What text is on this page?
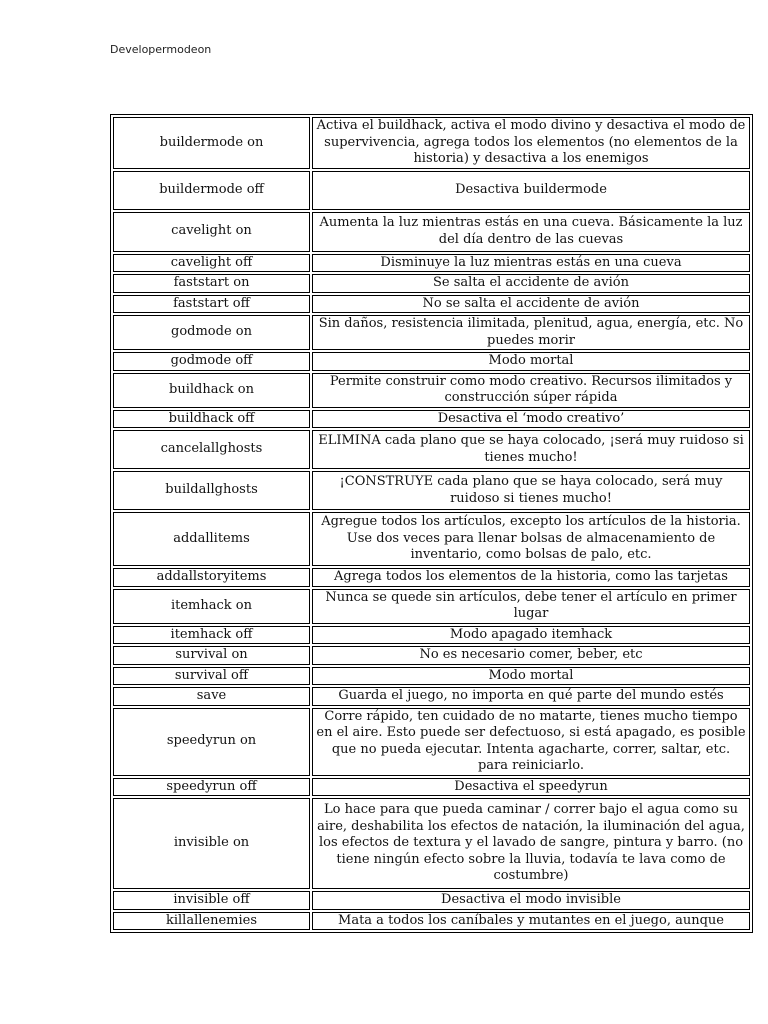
Developermodeon
buildermode on	Activa el buildhack, activa el modo divino y desactiva el modo de supervivencia, agrega todos los elementos (no elementos de la historia) y desactiva a los enemigos
buildermode off	Desactiva buildermode
cavelight on	Aumenta la luz mientras estás en una cueva. Básicamente la luz del día dentro de las cuevas
cavelight off	Disminuye la luz mientras estás en una cueva
faststart on	Se salta el accidente de avión
faststart off	No se salta el accidente de avión
godmode on	Sin daños, resistencia ilimitada, plenitud, agua, energía, etc. No puedes morir
godmode off	Modo mortal
buildhack on	Permite construir como modo creativo. Recursos ilimitados y construcción súper rápida
buildhack off	Desactiva el ‘modo creativo’
cancelallghosts	ELIMINA cada plano que se haya colocado, ¡será muy ruidoso si tienes mucho!
buildallghosts	¡CONSTRUYE cada plano que se haya colocado, será muy ruidoso si tienes mucho!
addallitems	Agregue todos los artículos, excepto los artículos de la historia. Use dos veces para llenar bolsas de almacenamiento de inventario, como bolsas de palo, etc.
addallstoryitems	Agrega todos los elementos de la historia, como las tarjetas
itemhack on	Nunca se quede sin artículos, debe tener el artículo en primer lugar
itemhack off	Modo apagado itemhack
survival on	No es necesario comer, beber, etc
survival off	Modo mortal
save	Guarda el juego, no importa en qué parte del mundo estés
speedyrun on	Corre rápido, ten cuidado de no matarte, tienes mucho tiempo en el aire. Esto puede ser defectuoso, si está apagado, es posible que no pueda ejecutar. Intenta agacharte, correr, saltar, etc. para reiniciarlo.
speedyrun off	Desactiva el speedyrun
invisible on	Lo hace para que pueda caminar / correr bajo el agua como su aire, deshabilita los efectos de natación, la iluminación del agua, los efectos de textura y el lavado de sangre, pintura y barro. (no tiene ningún efecto sobre la lluvia, todavía te lava como de costumbre)
invisible off	Desactiva el modo invisible
killallenemies	Mata a todos los caníbales y mutantes en el juego, aunque
